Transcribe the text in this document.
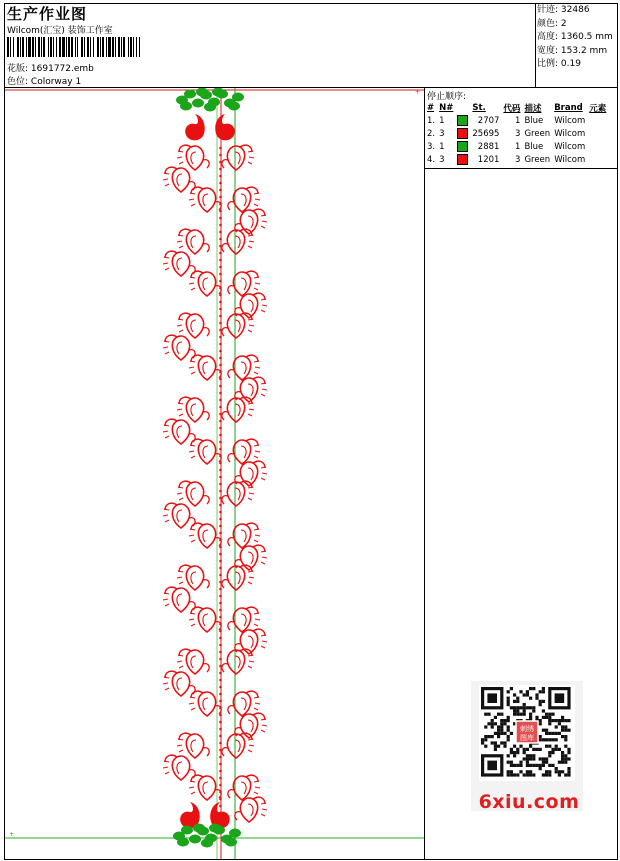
生产作业图
Wilcom(汇宝) 装饰工作室
花版: 1691772.emb
色位: Colorway 1
针迹: 32486
颜色: 2
高度: 1360.5 mm
宽度: 153.2 mm
比例: 0.19
停止顺序:
#	N#		St.	代码	描述	Brand	元素
1.	1		2707	1	Blue	Wilcom	
2.	3		25695	3	Green	Wilcom	
3.	1		2881	1	Blue	Wilcom	
4.	3		1201	3	Green	Wilcom	
+
+
刺绣
图库
6xiu.com
